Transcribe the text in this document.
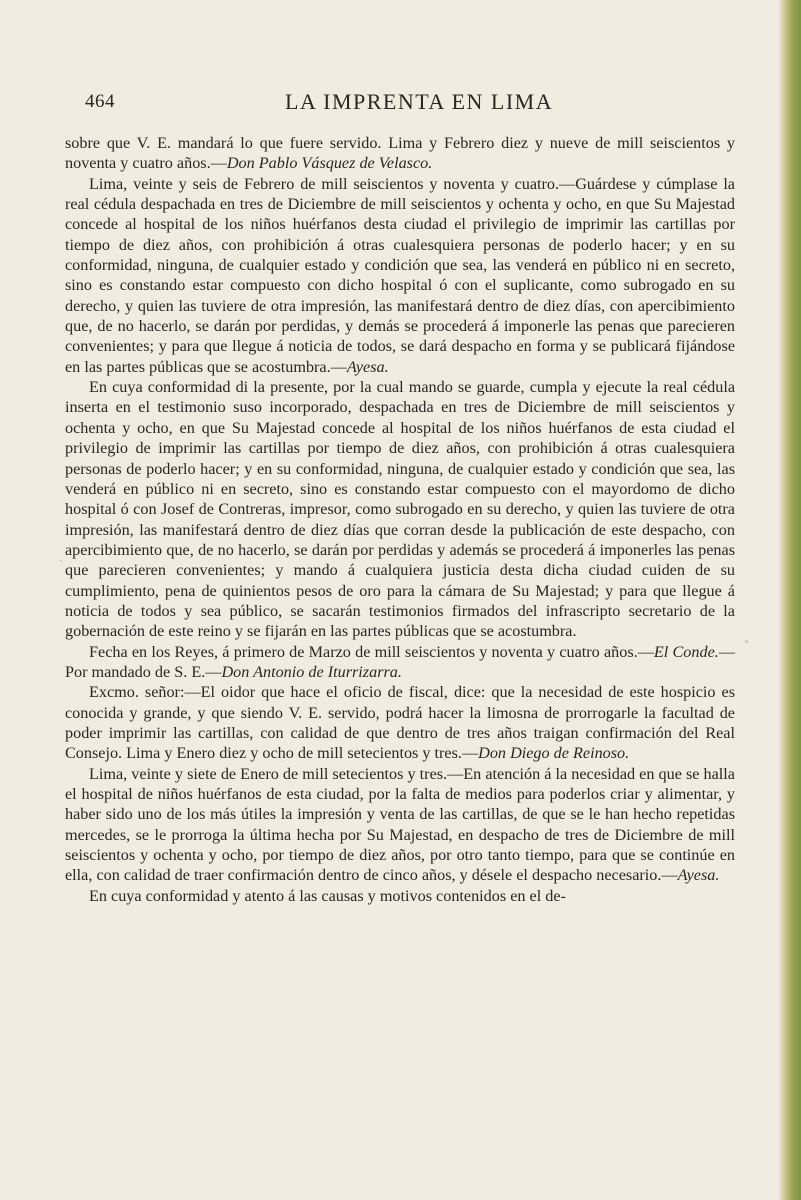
464	LA IMPRENTA EN LIMA

sobre que V. E. mandará lo que fuere servido. Lima y Febrero diez y nueve de mill seiscientos y noventa y cuatro años.—Don Pablo Vásquez de Velasco.

Lima, veinte y seis de Febrero de mill seiscientos y noventa y cuatro.—Guárdese y cúmplase la real cédula despachada en tres de Diciembre de mill seiscientos y ochenta y ocho, en que Su Majestad concede al hospital de los niños huérfanos desta ciudad el privilegio de imprimir las cartillas por tiempo de diez años, con prohibición á otras cualesquiera personas de poderlo hacer; y en su conformidad, ninguna, de cualquier estado y condición que sea, las venderá en público ni en secreto, sino es constando estar compuesto con dicho hospital ó con el suplicante, como subrogado en su derecho, y quien las tuviere de otra impresión, las manifestará dentro de diez días, con apercibimiento que, de no hacerlo, se darán por perdidas, y demás se procederá á imponerle las penas que parecieren convenientes; y para que llegue á noticia de todos, se dará despacho en forma y se publicará fijándose en las partes públicas que se acostumbra.—Ayesa.

En cuya conformidad di la presente, por la cual mando se guarde, cumpla y ejecute la real cédula inserta en el testimonio suso incorporado, despachada en tres de Diciembre de mill seiscientos y ochenta y ocho, en que Su Majestad concede al hospital de los niños huérfanos de esta ciudad el privilegio de imprimir las cartillas por tiempo de diez años, con prohibición á otras cualesquiera personas de poderlo hacer; y en su conformidad, ninguna, de cualquier estado y condición que sea, las venderá en público ni en secreto, sino es constando estar compuesto con el mayordomo de dicho hospital ó con Josef de Contreras, impresor, como subrogado en su derecho, y quien las tuviere de otra impresión, las manifestará dentro de diez días que corran desde la publicación de este despacho, con apercibimiento que, de no hacerlo, se darán por perdidas y además se procederá á imponerles las penas que parecieren convenientes; y mando á cualquiera justicia desta dicha ciudad cuiden de su cumplimiento, pena de quinientos pesos de oro para la cámara de Su Majestad; y para que llegue á noticia de todos y sea público, se sacarán testimonios firmados del infrascripto secretario de la gobernación de este reino y se fijarán en las partes públicas que se acostumbra.

Fecha en los Reyes, á primero de Marzo de mill seiscientos y noventa y cuatro años.—El Conde.—Por mandado de S. E.—Don Antonio de Iturrizarra.

Excmo. señor:—El oidor que hace el oficio de fiscal, dice: que la necesidad de este hospicio es conocida y grande, y que siendo V. E. servido, podrá hacer la limosna de prorrogarle la facultad de poder imprimir las cartillas, con calidad de que dentro de tres años traigan confirmación del Real Consejo. Lima y Enero diez y ocho de mill setecientos y tres.—Don Diego de Reinoso.

Lima, veinte y siete de Enero de mill setecientos y tres.—En atención á la necesidad en que se halla el hospital de niños huérfanos de esta ciudad, por la falta de medios para poderlos criar y alimentar, y haber sido uno de los más útiles la impresión y venta de las cartillas, de que se le han hecho repetidas mercedes, se le prorroga la última hecha por Su Majestad, en despacho de tres de Diciembre de mill seiscientos y ochenta y ocho, por tiempo de diez años, por otro tanto tiempo, para que se continúe en ella, con calidad de traer confirmación dentro de cinco años, y désele el despacho necesario.—Ayesa.

En cuya conformidad y atento á las causas y motivos contenidos en el de-
